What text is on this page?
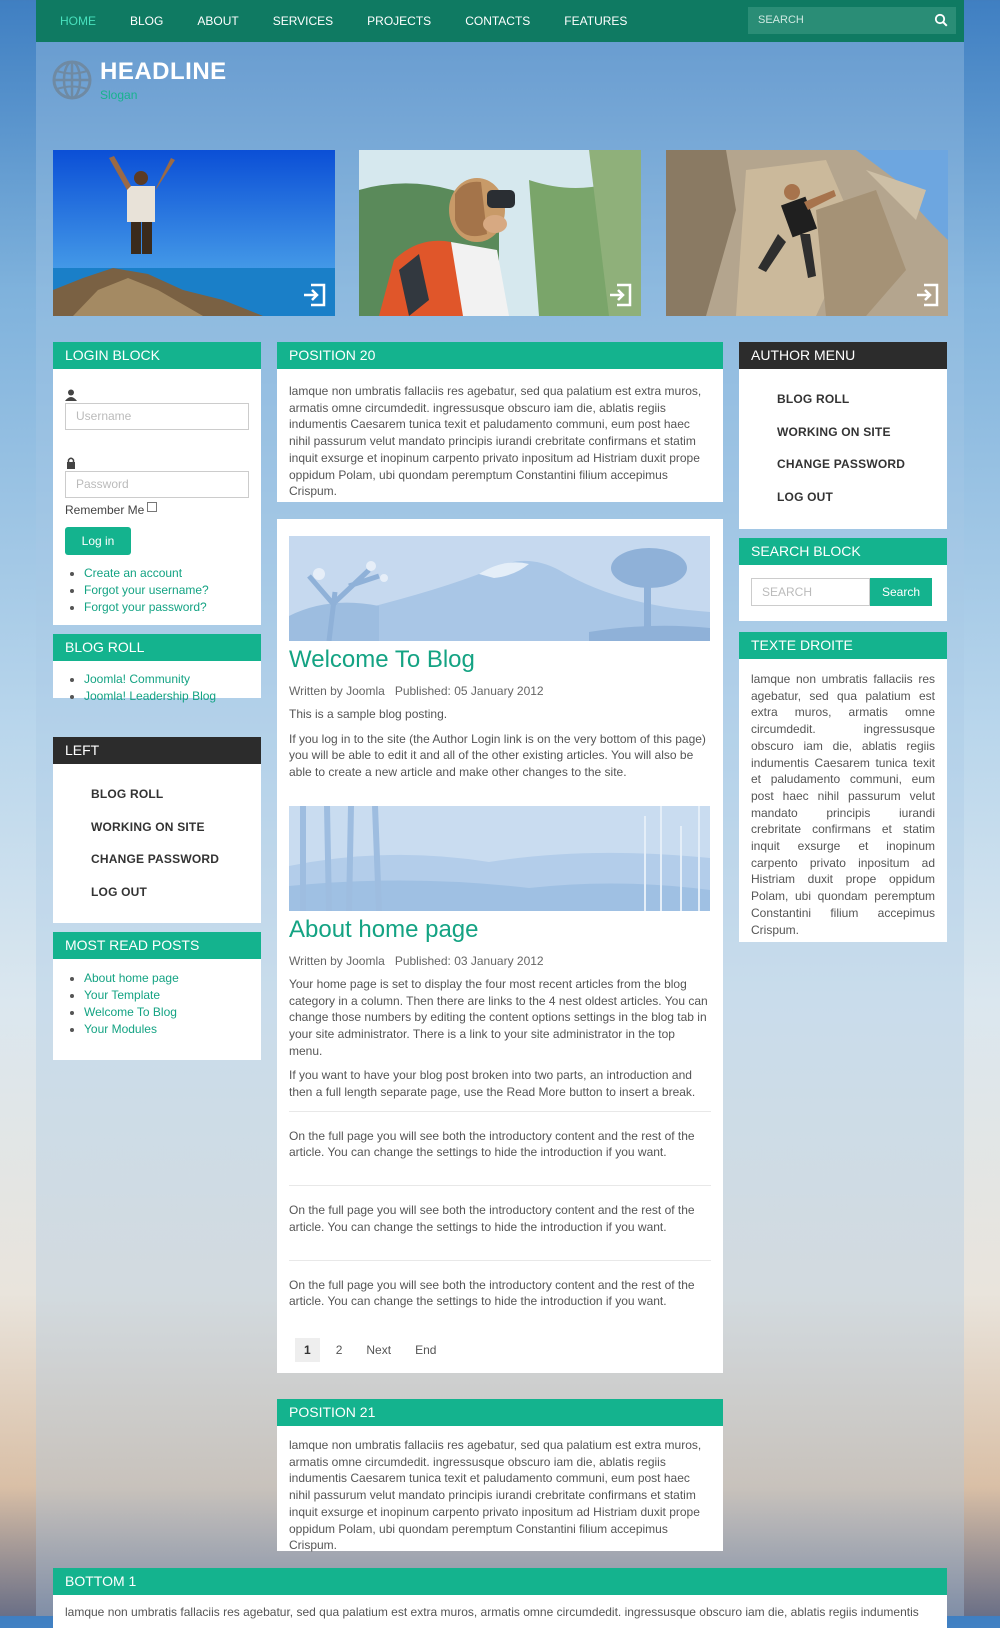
HOME	BLOG	ABOUT	SERVICES	PROJECTS	CONTACTS	FEATURES	SEARCH
HEADLINE
Slogan
LOGIN BLOCK
Username
Password
Remember Me
Log in
• Create an account
• Forgot your username?
• Forgot your password?
BLOG ROLL
• Joomla! Community
• Joomla! Leadership Blog
LEFT
BLOG ROLL
WORKING ON SITE
CHANGE PASSWORD
LOG OUT
MOST READ POSTS
• About home page
• Your Template
• Welcome To Blog
• Your Modules
POSITION 20
lamque non umbratis fallaciis res agebatur, sed qua palatium est extra muros, armatis omne circumdedit. ingressusque obscuro iam die, ablatis regiis indumentis Caesarem tunica texit et paludamento communi, eum post haec nihil passurum velut mandato principis iurandi crebritate confirmans et statim inquit exsurge et inopinum carpento privato inpositum ad Histriam duxit prope oppidum Polam, ubi quondam peremptum Constantini filium accepimus Crispum.
Welcome To Blog
Written by Joomla Published: 05 January 2012
This is a sample blog posting.
If you log in to the site (the Author Login link is on the very bottom of this page) you will be able to edit it and all of the other existing articles. You will also be able to create a new article and make other changes to the site.
About home page
Written by Joomla Published: 03 January 2012
Your home page is set to display the four most recent articles from the blog category in a column. Then there are links to the 4 nest oldest articles. You can change those numbers by editing the content options settings in the blog tab in your site administrator. There is a link to your site administrator in the top menu.
If you want to have your blog post broken into two parts, an introduction and then a full length separate page, use the Read More button to insert a break.
On the full page you will see both the introductory content and the rest of the article. You can change the settings to hide the introduction if you want.
On the full page you will see both the introductory content and the rest of the article. You can change the settings to hide the introduction if you want.
On the full page you will see both the introductory content and the rest of the article. You can change the settings to hide the introduction if you want.
1	2 Next End
POSITION 21
lamque non umbratis fallaciis res agebatur, sed qua palatium est extra muros, armatis omne circumdedit. ingressusque obscuro iam die, ablatis regiis indumentis Caesarem tunica texit et paludamento communi, eum post haec nihil passurum velut mandato principis iurandi crebritate confirmans et statim inquit exsurge et inopinum carpento privato inpositum ad Histriam duxit prope oppidum Polam, ubi quondam peremptum Constantini filium accepimus Crispum.
AUTHOR MENU
BLOG ROLL
WORKING ON SITE
CHANGE PASSWORD
LOG OUT
SEARCH BLOCK
SEARCH	Search
TEXTE DROITE
lamque non umbratis fallaciis res agebatur, sed qua palatium est extra muros, armatis omne circumdedit. ingressusque obscuro iam die, ablatis regiis indumentis Caesarem tunica texit et paludamento communi, eum post haec nihil passurum velut mandato principis iurandi crebritate confirmans et statim inquit exsurge et inopinum carpento privato inpositum ad Histriam duxit prope oppidum Polam, ubi quondam peremptum Constantini filium accepimus Crispum.
BOTTOM 1
lamque non umbratis fallaciis res agebatur, sed qua palatium est extra muros, armatis omne circumdedit. ingressusque obscuro iam die, ablatis regiis indumentis
